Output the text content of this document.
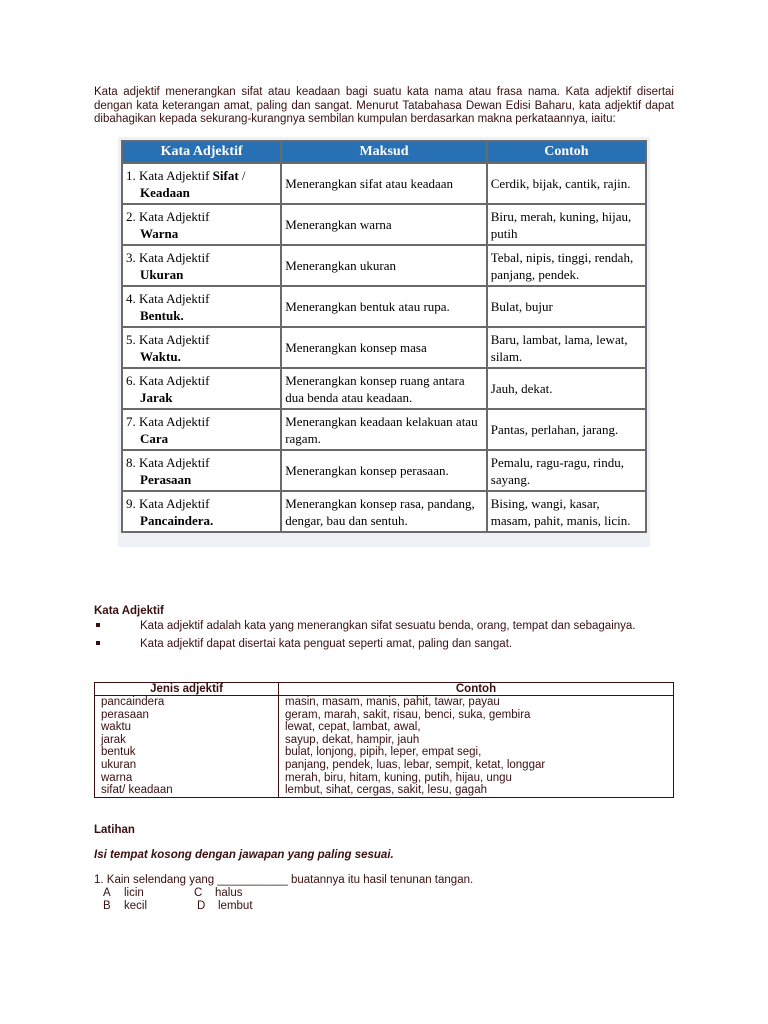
Kata adjektif menerangkan sifat atau keadaan bagi suatu kata nama atau frasa nama. Kata adjektif disertai dengan kata keterangan amat, paling dan sangat. Menurut Tatabahasa Dewan Edisi Baharu, kata adjektif dapat dibahagikan kepada sekurang-kurangnya sembilan kumpulan berdasarkan makna perkataannya, iaitu:
Kata Adjektif	Maksud	Contoh

1. Kata Adjektif Sifat /
Keadaan	Menerangkan sifat atau keadaan	Cerdik, bijak, cantik, rajin.

2. Kata Adjektif
Warna	Menerangkan warna	Biru, merah, kuning, hijau, putih

3. Kata Adjektif
Ukuran	Menerangkan ukuran	Tebal, nipis, tinggi, rendah, panjang, pendek.

4. Kata Adjektif
Bentuk.	Menerangkan bentuk atau rupa.	Bulat, bujur

5. Kata Adjektif
Waktu.	Menerangkan konsep masa	Baru, lambat, lama, lewat, silam.

6. Kata Adjektif
Jarak	Menerangkan konsep ruang antara dua benda atau keadaan.	Jauh, dekat.

7. Kata Adjektif
Cara	Menerangkan keadaan kelakuan atau ragam.	Pantas, perlahan, jarang.

8. Kata Adjektif
Perasaan	Menerangkan konsep perasaan.	Pemalu, ragu-ragu, rindu, sayang.

9. Kata Adjektif
Pancaindera.	Menerangkan konsep rasa, pandang, dengar, bau dan sentuh.	Bising, wangi, kasar, masam, pahit, manis, licin.
Kata Adjektif
Kata adjektif adalah kata yang menerangkan sifat sesuatu benda, orang, tempat dan sebagainya.
Kata adjektif dapat disertai kata penguat seperti amat, paling dan sangat.
Jenis adjektif	Contoh
pancaindera	masin, masam, manis, pahit, tawar, payau
perasaan	geram, marah, sakit, risau, benci, suka, gembira
waktu	lewat, cepat, lambat, awal,
jarak	sayup, dekat, hampir, jauh
bentuk	bulat, lonjong, pipih, leper, empat segi,
ukuran	panjang, pendek, luas, lebar, sempit, ketat, longgar
warna	merah, biru, hitam, kuning, putih, hijau, ungu
sifat/ keadaan	lembut, sihat, cergas, sakit, lesu, gagah
Latihan
Isi tempat kosong dengan jawapan yang paling sesuai.
1. Kain selendang yang ___________ buatannya itu hasil tenunan tangan.
A licin	C halus
B kecil	D lembut
